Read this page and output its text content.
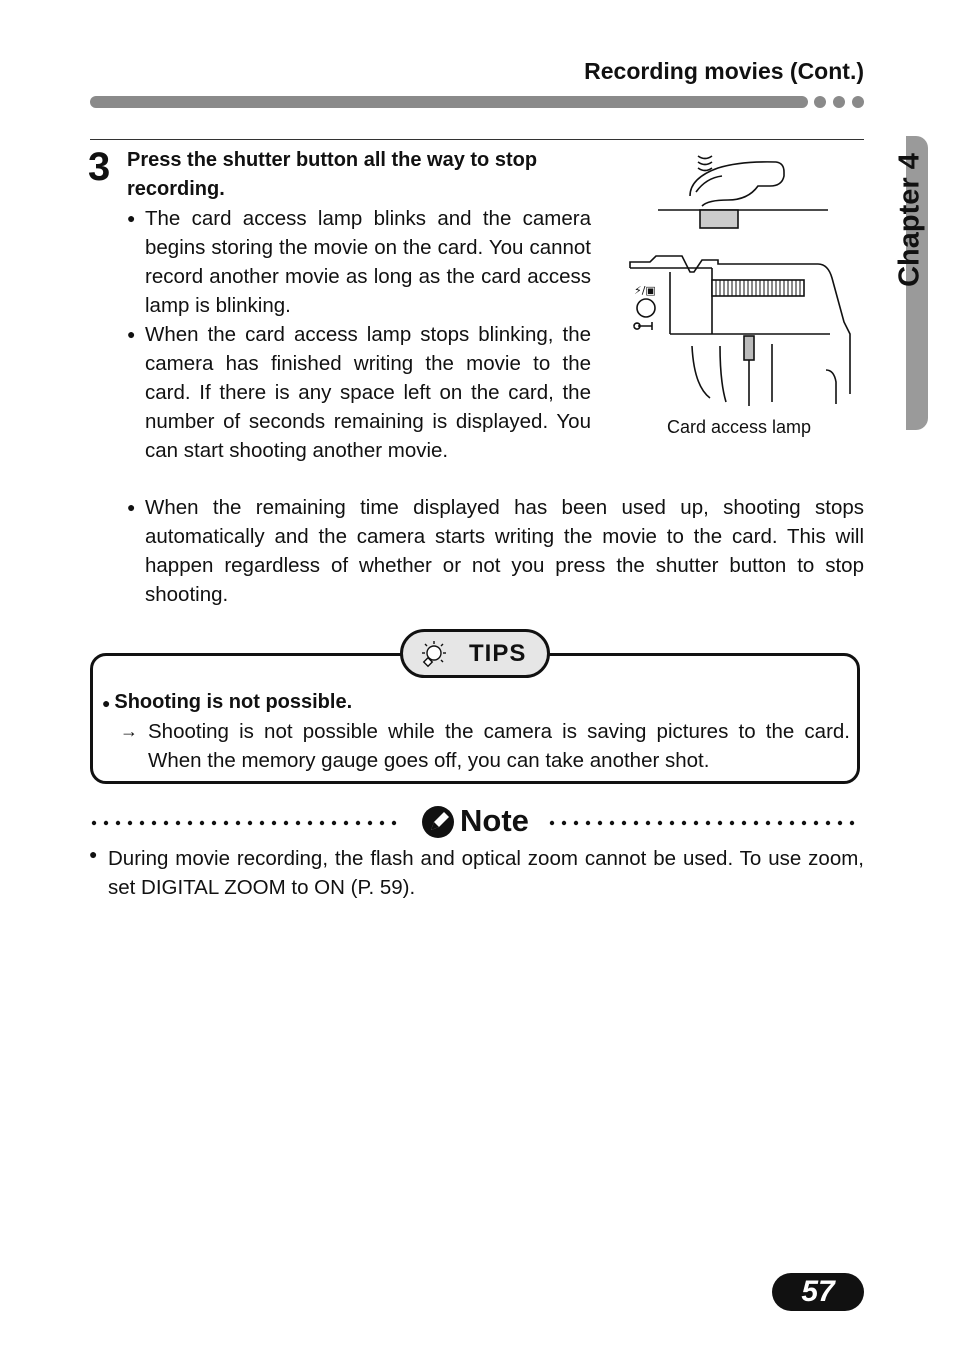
Recording movies (Cont.)
Chapter 4
3 Press the shutter button all the way to stop recording.
● The card access lamp blinks and the camera begins storing the movie on the card. You cannot record another movie as long as the card access lamp is blinking.
● When the card access lamp stops blinking, the camera has finished writing the movie to the card. If there is any space left on the card, the number of seconds remaining is displayed. You can start shooting another movie.
● When the remaining time displayed has been used up, shooting stops automatically and the camera starts writing the movie to the card. This will happen regardless of whether or not you press the shutter button to stop shooting.
⚡/▣
Card access lamp
TIPS
● Shooting is not possible.
→ Shooting is not possible while the camera is saving pictures to the card. When the memory gauge goes off, you can take another shot.
Note
● During movie recording, the flash and optical zoom cannot be used. To use zoom, set DIGITAL ZOOM to ON (P. 59).
57
